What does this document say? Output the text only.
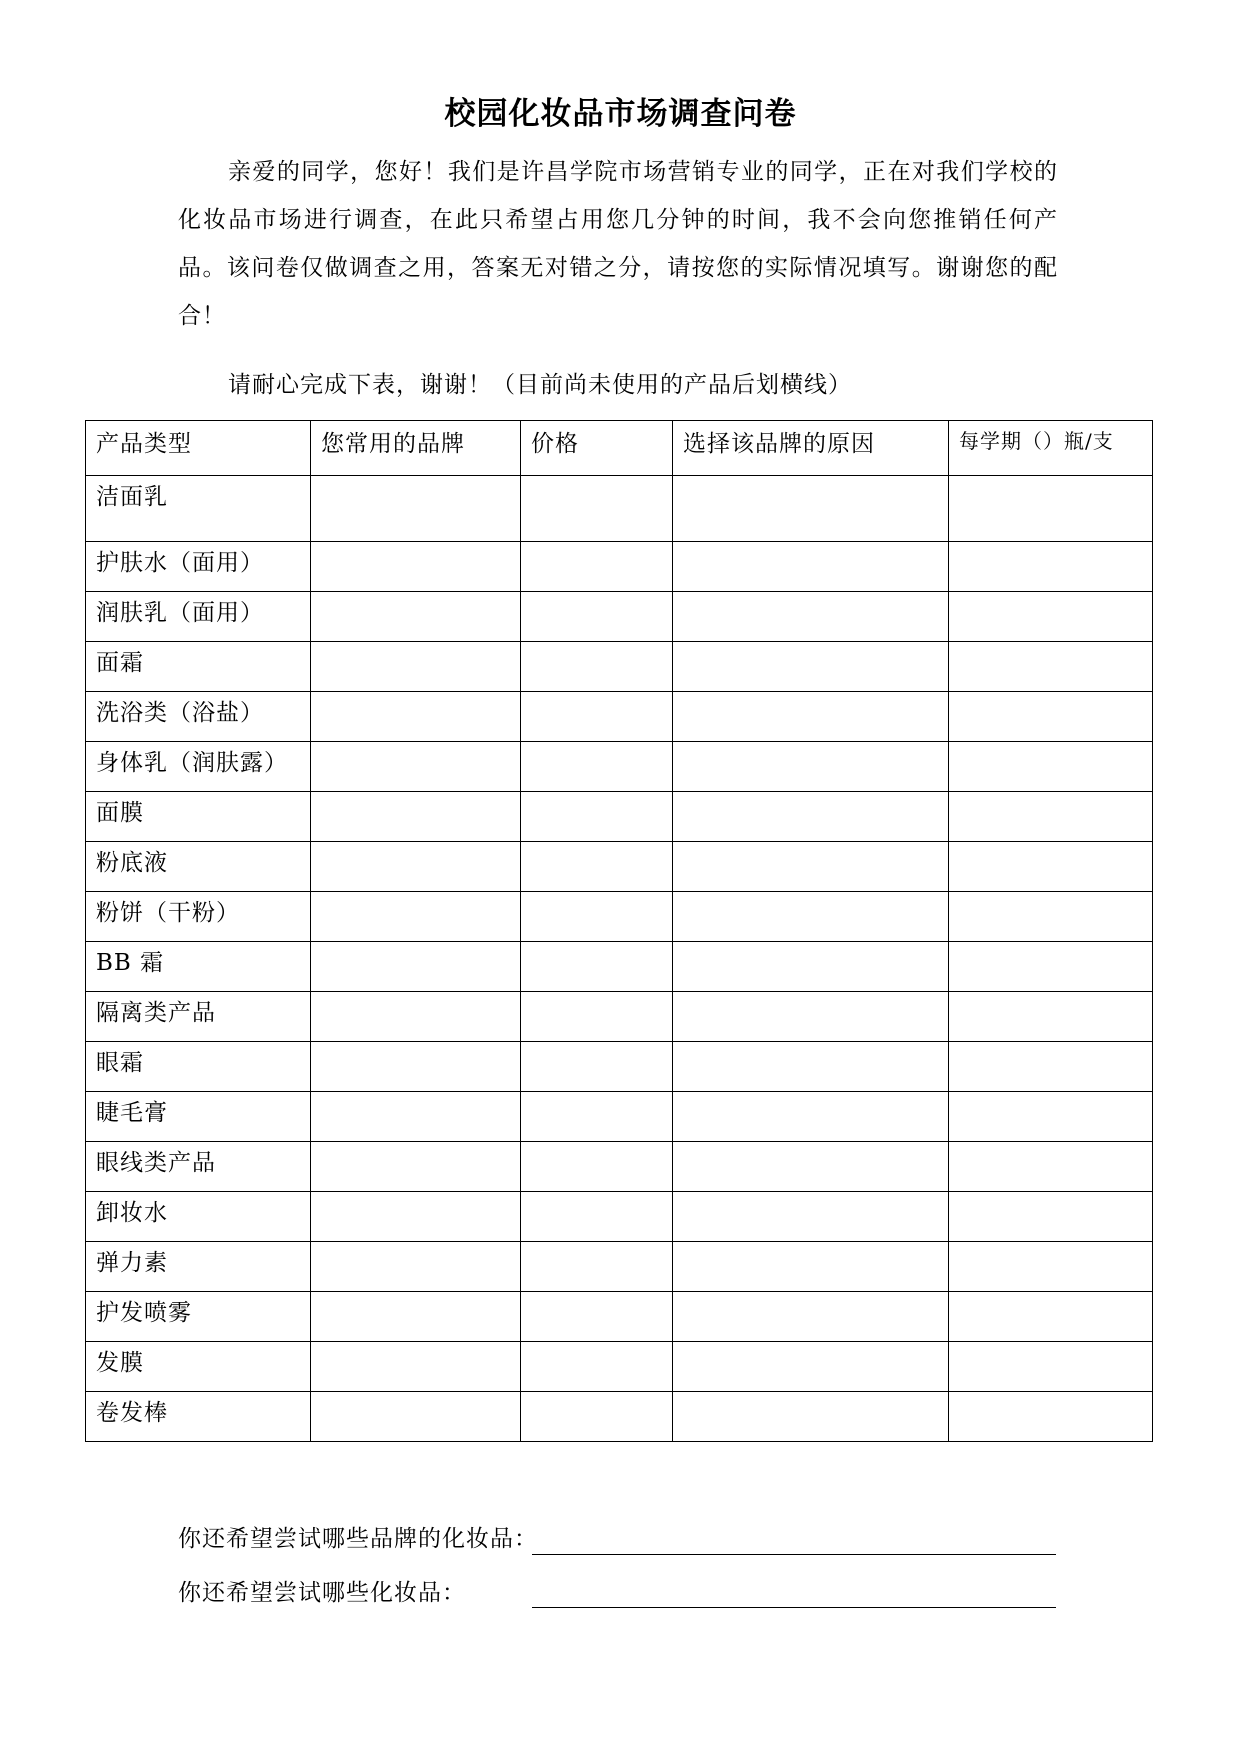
校园化妆品市场调查问卷

亲爱的同学，您好！我们是许昌学院市场营销专业的同学，正在对我们学校的化妆品市场进行调查，在此只希望占用您几分钟的时间，我不会向您推销任何产品。该问卷仅做调查之用，答案无对错之分，请按您的实际情况填写。谢谢您的配合！

请耐心完成下表，谢谢！（目前尚未使用的产品后划横线）
产品类型	您常用的品牌	价格	选择该品牌的原因	每学期（）瓶/支
洁面乳				
护肤水（面用）				
润肤乳（面用）				
面霜				
洗浴类（浴盐）				
身体乳（润肤露）				
面膜				
粉底液				
粉饼（干粉）				
BB 霜				
隔离类产品				
眼霜				
睫毛膏				
眼线类产品				
卸妆水				
弹力素				
护发喷雾				
发膜				
卷发棒				
你还希望尝试哪些品牌的化妆品：
你还希望尝试哪些化妆品：
